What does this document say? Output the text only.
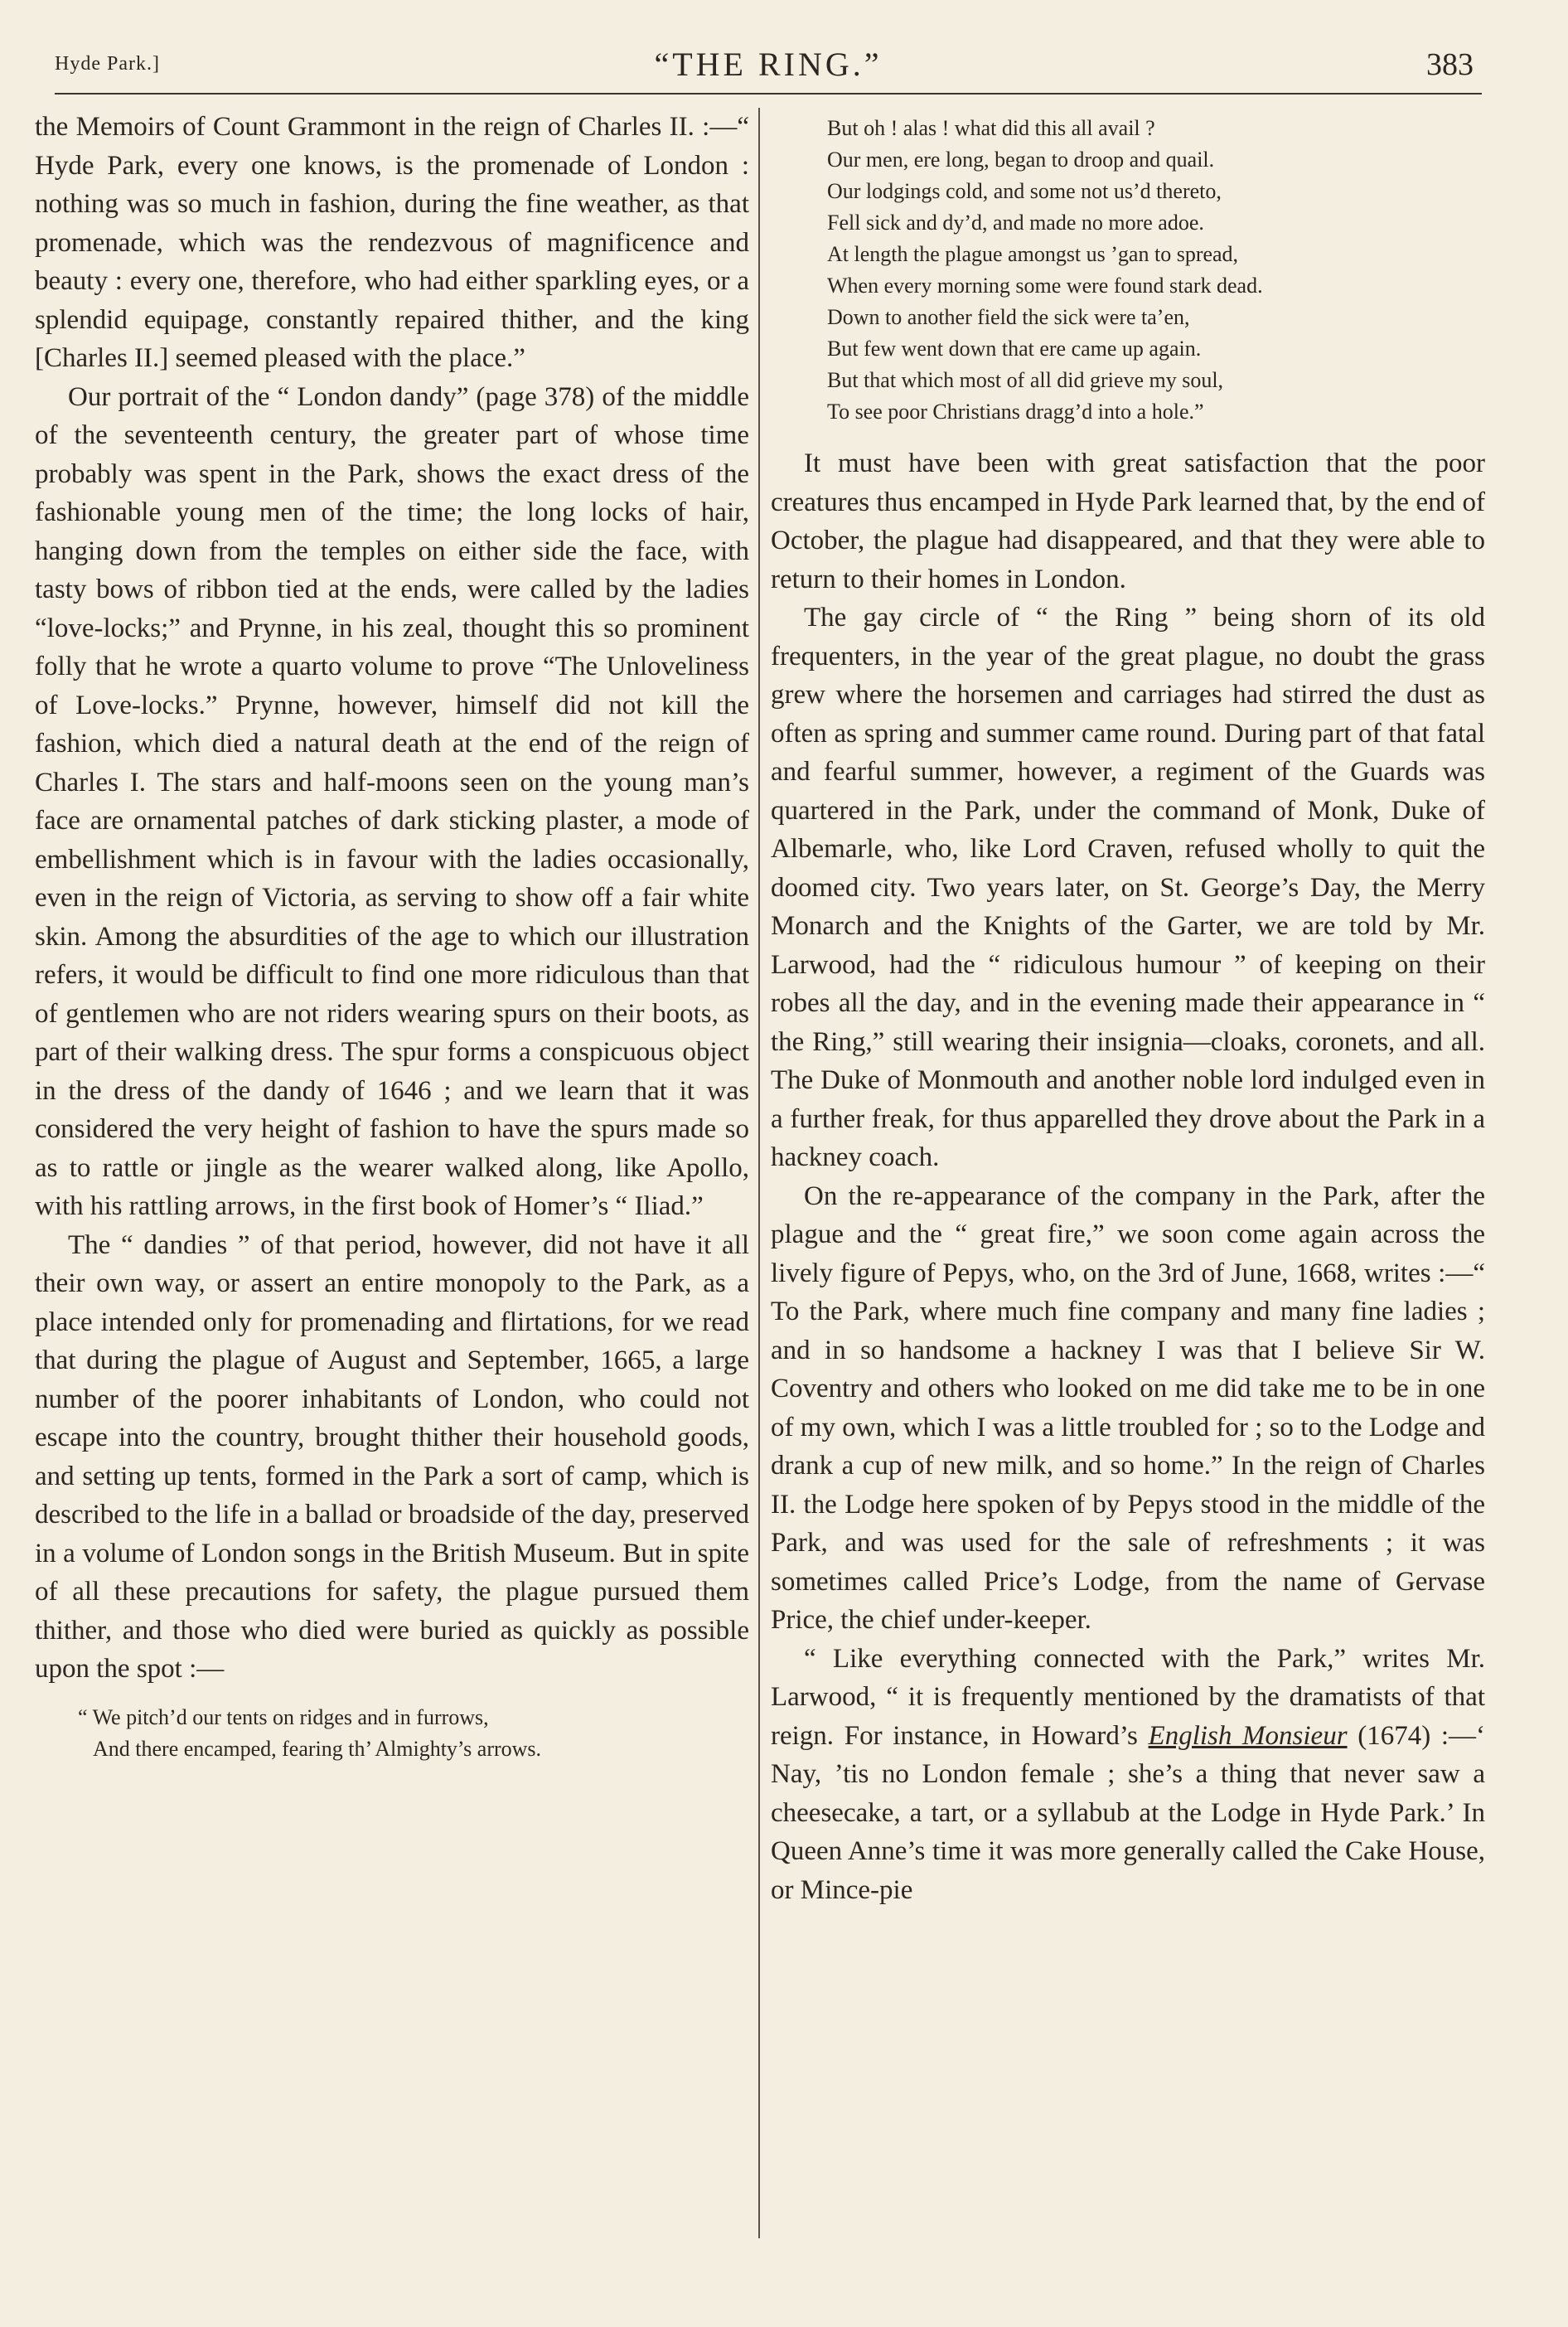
Hyde Park.]	“THE RING.”	383

the Memoirs of Count Grammont in the reign of Charles II. :—“ Hyde Park, every one knows, is the promenade of London : nothing was so much in fashion, during the fine weather, as that promenade, which was the rendezvous of magnificence and beauty : every one, therefore, who had either sparkling eyes, or a splendid equipage, constantly repaired thither, and the king [Charles II.] seemed pleased with the place.”

Our portrait of the “ London dandy” (page 378) of the middle of the seventeenth century, the greater part of whose time probably was spent in the Park, shows the exact dress of the fashionable young men of the time; the long locks of hair, hanging down from the temples on either side the face, with tasty bows of ribbon tied at the ends, were called by the ladies “love-locks;” and Prynne, in his zeal, thought this so prominent folly that he wrote a quarto volume to prove “The Unloveliness of Love-locks.” Prynne, however, himself did not kill the fashion, which died a natural death at the end of the reign of Charles I. The stars and half-moons seen on the young man’s face are ornamental patches of dark sticking plaster, a mode of embellishment which is in favour with the ladies occasionally, even in the reign of Victoria, as serving to show off a fair white skin. Among the absurdities of the age to which our illustration refers, it would be difficult to find one more ridiculous than that of gentlemen who are not riders wearing spurs on their boots, as part of their walking dress. The spur forms a conspicuous object in the dress of the dandy of 1646 ; and we learn that it was considered the very height of fashion to have the spurs made so as to rattle or jingle as the wearer walked along, like Apollo, with his rattling arrows, in the first book of Homer’s “ Iliad.”

The “ dandies ” of that period, however, did not have it all their own way, or assert an entire monopoly to the Park, as a place intended only for promenading and flirtations, for we read that during the plague of August and September, 1665, a large number of the poorer inhabitants of London, who could not escape into the country, brought thither their household goods, and setting up tents, formed in the Park a sort of camp, which is described to the life in a ballad or broadside of the day, preserved in a volume of London songs in the British Museum. But in spite of all these precautions for safety, the plague pursued them thither, and those who died were buried as quickly as possible upon the spot :—

“ We pitch’d our tents on ridges and in furrows,
And there encamped, fearing th’ Almighty’s arrows.
But oh ! alas ! what did this all avail ?
Our men, ere long, began to droop and quail.
Our lodgings cold, and some not us’d thereto,
Fell sick and dy’d, and made no more adoe.
At length the plague amongst us ’gan to spread,
When every morning some were found stark dead.
Down to another field the sick were ta’en,
But few went down that ere came up again.
But that which most of all did grieve my soul,
To see poor Christians dragg’d into a hole.”

It must have been with great satisfaction that the poor creatures thus encamped in Hyde Park learned that, by the end of October, the plague had disappeared, and that they were able to return to their homes in London.

The gay circle of “ the Ring ” being shorn of its old frequenters, in the year of the great plague, no doubt the grass grew where the horsemen and carriages had stirred the dust as often as spring and summer came round. During part of that fatal and fearful summer, however, a regiment of the Guards was quartered in the Park, under the command of Monk, Duke of Albemarle, who, like Lord Craven, refused wholly to quit the doomed city. Two years later, on St. George’s Day, the Merry Monarch and the Knights of the Garter, we are told by Mr. Larwood, had the “ ridiculous humour ” of keeping on their robes all the day, and in the evening made their appearance in “ the Ring,” still wearing their insignia—cloaks, coronets, and all. The Duke of Monmouth and another noble lord indulged even in a further freak, for thus apparelled they drove about the Park in a hackney coach.

On the re-appearance of the company in the Park, after the plague and the “ great fire,” we soon come again across the lively figure of Pepys, who, on the 3rd of June, 1668, writes :—“ To the Park, where much fine company and many fine ladies ; and in so handsome a hackney I was that I believe Sir W. Coventry and others who looked on me did take me to be in one of my own, which I was a little troubled for ; so to the Lodge and drank a cup of new milk, and so home.” In the reign of Charles II. the Lodge here spoken of by Pepys stood in the middle of the Park, and was used for the sale of refreshments ; it was sometimes called Price’s Lodge, from the name of Gervase Price, the chief under-keeper.

“ Like everything connected with the Park,” writes Mr. Larwood, “ it is frequently mentioned by the dramatists of that reign. For instance, in Howard’s English Monsieur (1674) :—‘ Nay, ’tis no London female ; she’s a thing that never saw a cheesecake, a tart, or a syllabub at the Lodge in Hyde Park.’ In Queen Anne’s time it was more generally called the Cake House, or Mince-pie
